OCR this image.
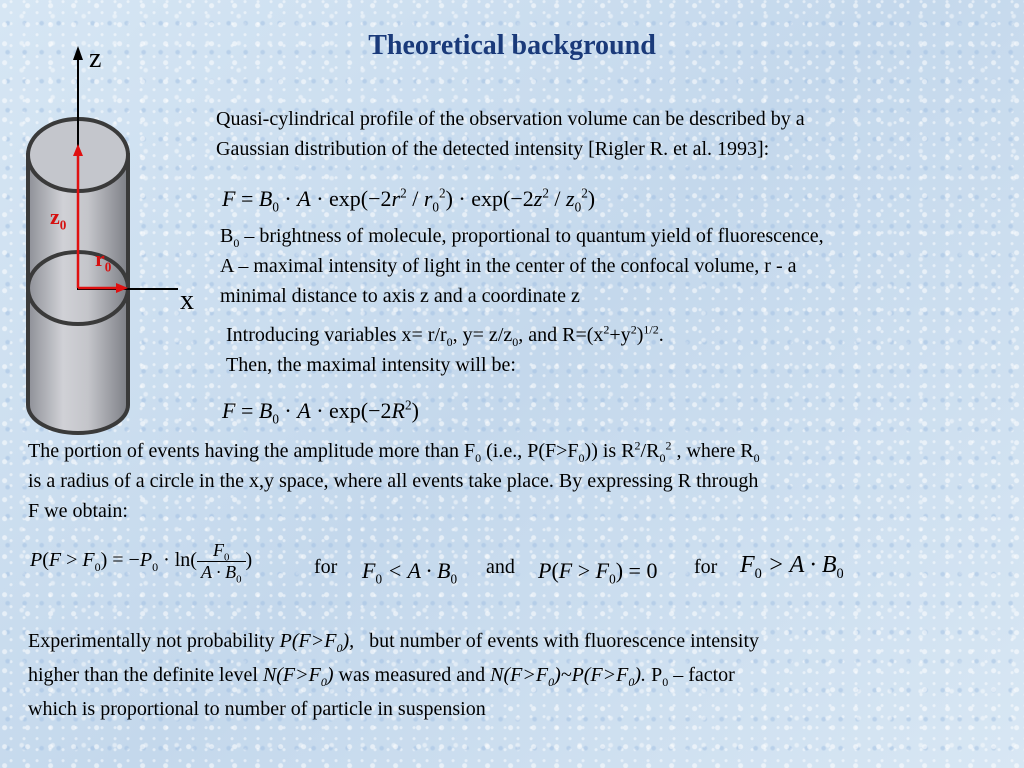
Theoretical background
z
x
$z_0$
$r_0$
Quasi-cylindrical profile of the observation volume can be described by a
Gaussian distribution of the detected intensity [Rigler R. et al. 1993]:
$F = B_0 \cdot A \cdot \exp(-2r^2 / r_0^2) \cdot \exp(-2z^2 / z_0^2)$
$B_0$ – brightness of molecule, proportional to quantum yield of fluorescence,
A – maximal intensity of light in the center of the confocal volume, r - a
minimal distance to axis z and a coordinate z
Introducing variables $x= r/r_0$, $y= z/z_0$, and $R=(x^2+y^2)^{1/2}$.
Then, the maximal intensity will be:
$F = B_0 \cdot A \cdot \exp(-2R^2)$
The portion of events having the amplitude more than $F_0$ (i.e., $P(F>F_0)$) is $R^2/R_0^2$ , where $R_0$
is a radius of a circle in the x,y space, where all events take place. By expressing R through
F we obtain:
$P(F > F_0) = -P_0 \cdot \ln( \frac{F_0}{A \cdot B_0}$ )	for $F_0 < A \cdot B_0$
and $P(F > F_0) = 0$ for $F_0 > A \cdot B_0$
Experimentally not probability $P(F>F_0)$, but number of events with fluorescence intensity
higher than the definite level $N(F>F_0)$ was measured and $N(F>F_0)\sim P(F>F_0)$. $P_0$ – factor
which is proportional to number of particle in suspension
